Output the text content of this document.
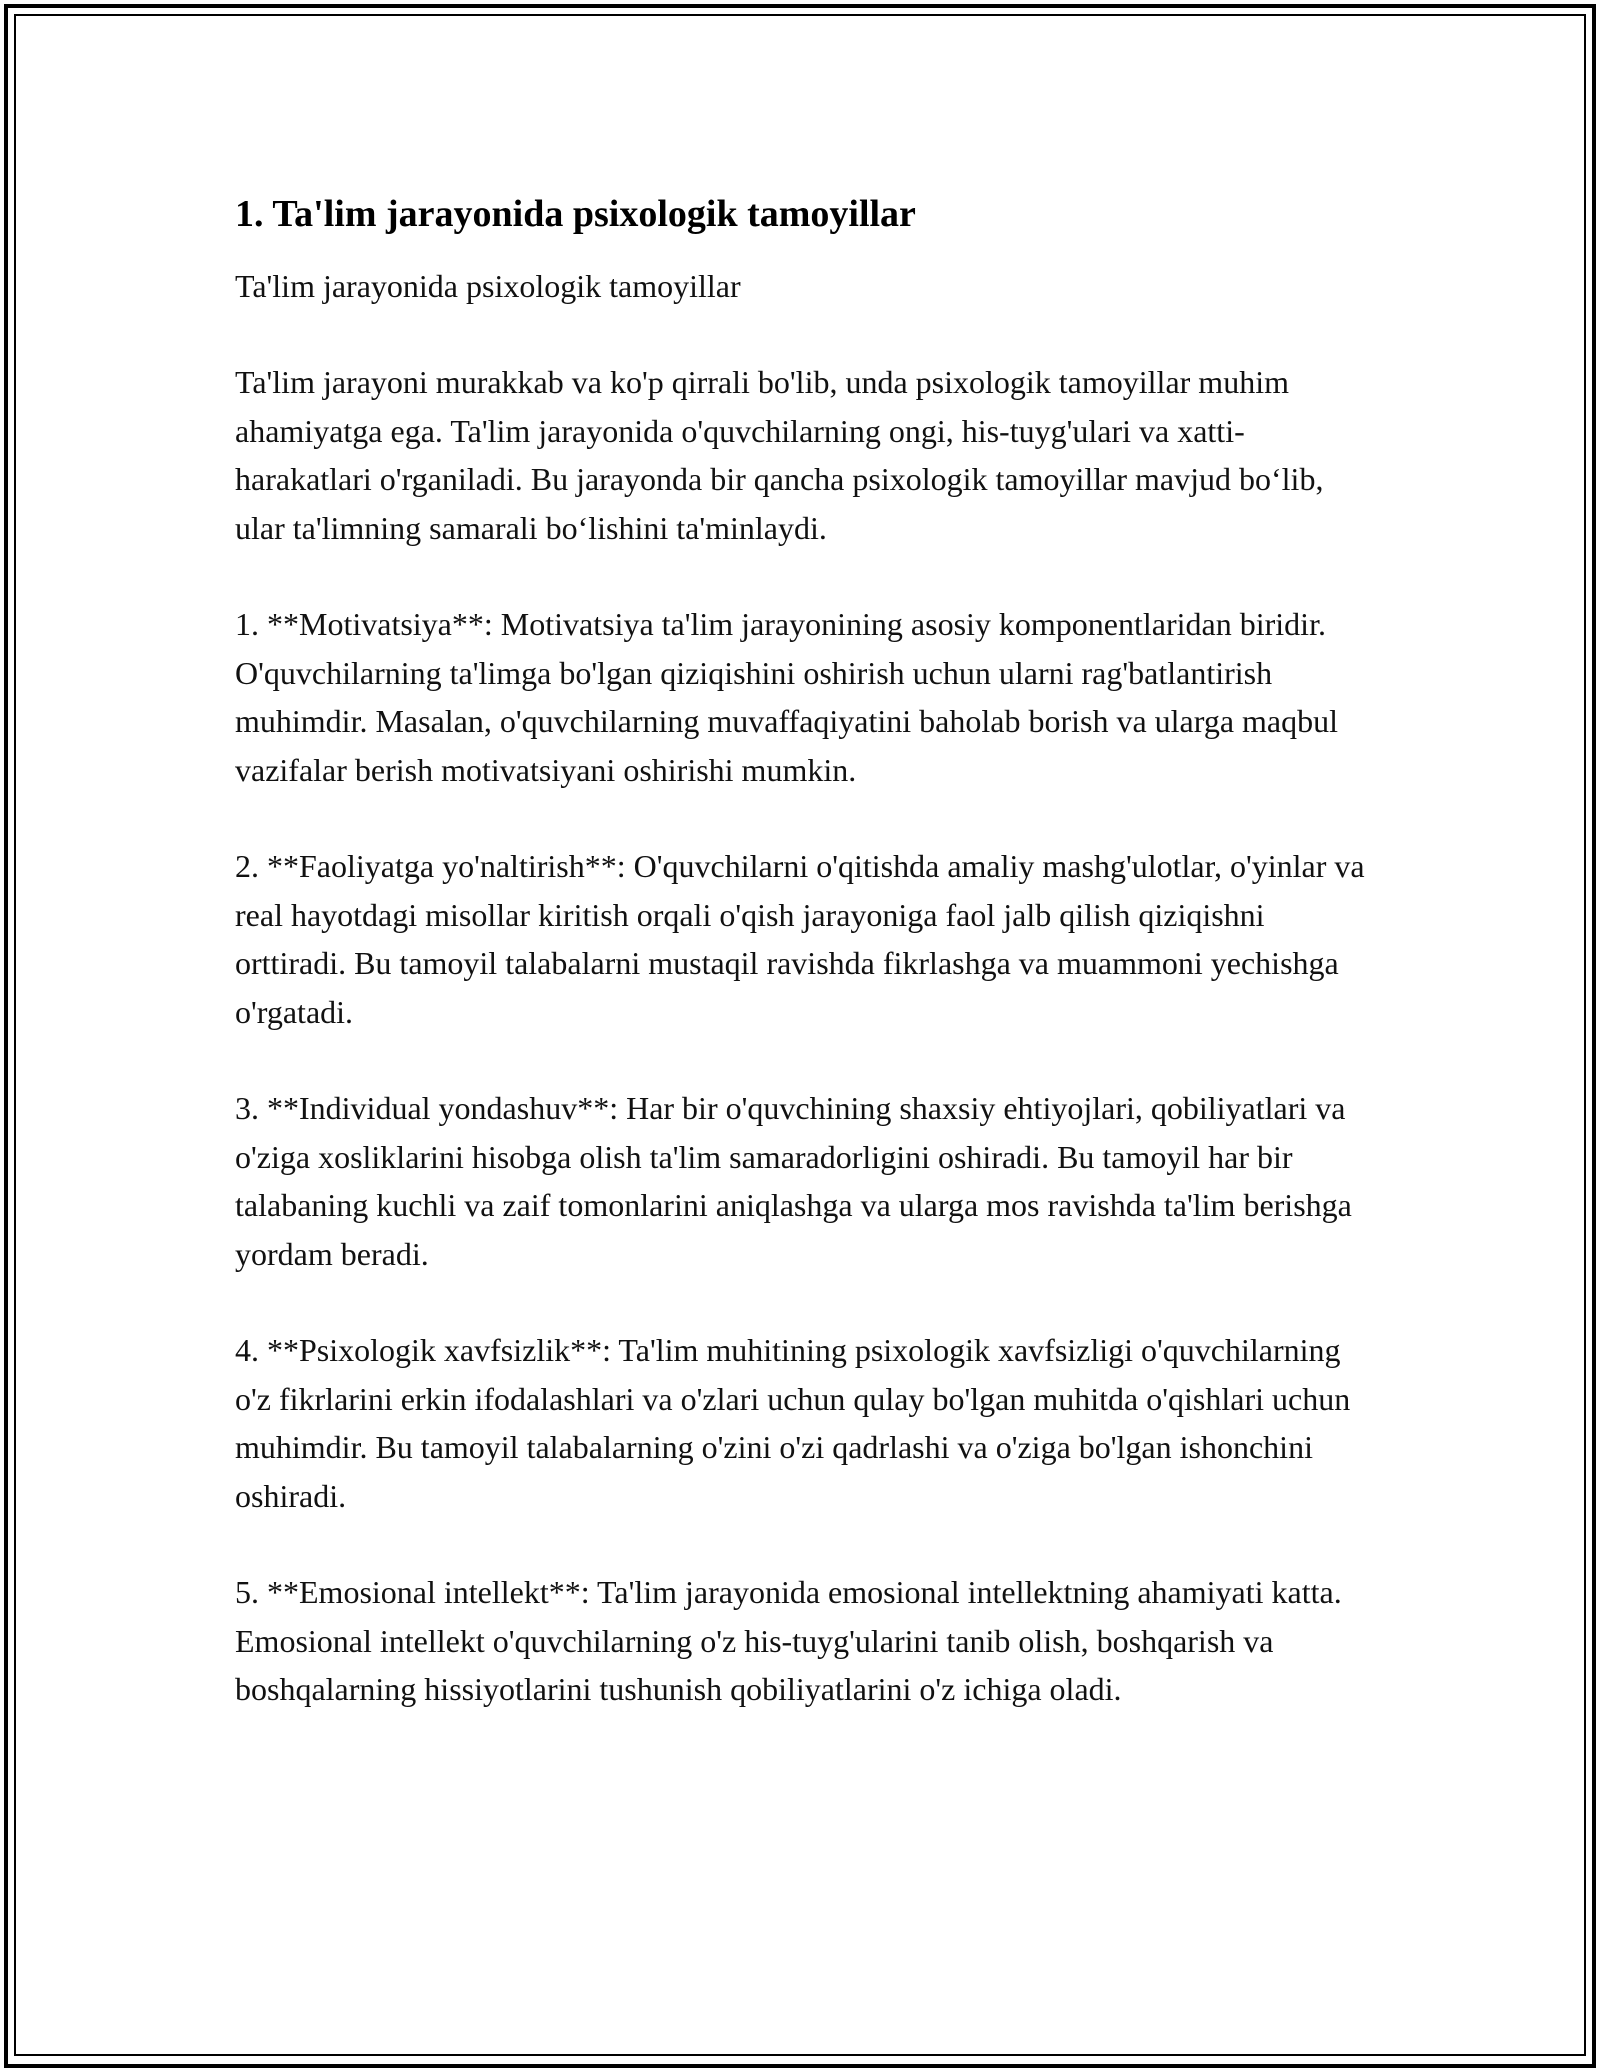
1. Ta'lim jarayonida psixologik tamoyillar

Ta'lim jarayonida psixologik tamoyillar

Ta'lim jarayoni murakkab va ko'p qirrali bo'lib, unda psixologik tamoyillar muhim ahamiyatga ega. Ta'lim jarayonida o'quvchilarning ongi, his-tuyg'ulari va xatti-harakatlari o'rganiladi. Bu jarayonda bir qancha psixologik tamoyillar mavjud bo‘lib, ular ta'limning samarali bo‘lishini ta'minlaydi.

1. **Motivatsiya**: Motivatsiya ta'lim jarayonining asosiy komponentlaridan biridir. O'quvchilarning ta'limga bo'lgan qiziqishini oshirish uchun ularni rag'batlantirish muhimdir. Masalan, o'quvchilarning muvaffaqiyatini baholab borish va ularga maqbul vazifalar berish motivatsiyani oshirishi mumkin.

2. **Faoliyatga yo'naltirish**: O'quvchilarni o'qitishda amaliy mashg'ulotlar, o'yinlar va real hayotdagi misollar kiritish orqali o'qish jarayoniga faol jalb qilish qiziqishni orttiradi. Bu tamoyil talabalarni mustaqil ravishda fikrlashga va muammoni yechishga o'rgatadi.

3. **Individual yondashuv**: Har bir o'quvchining shaxsiy ehtiyojlari, qobiliyatlari va o'ziga xosliklarini hisobga olish ta'lim samaradorligini oshiradi. Bu tamoyil har bir talabaning kuchli va zaif tomonlarini aniqlashga va ularga mos ravishda ta'lim berishga yordam beradi.

4. **Psixologik xavfsizlik**: Ta'lim muhitining psixologik xavfsizligi o'quvchilarning o'z fikrlarini erkin ifodalashlari va o'zlari uchun qulay bo'lgan muhitda o'qishlari uchun muhimdir. Bu tamoyil talabalarning o'zini o'zi qadrlashi va o'ziga bo'lgan ishonchini oshiradi.

5. **Emosional intellekt**: Ta'lim jarayonida emosional intellektning ahamiyati katta. Emosional intellekt o'quvchilarning o'z his-tuyg'ularini tanib olish, boshqarish va boshqalarning hissiyotlarini tushunish qobiliyatlarini o'z ichiga oladi.
